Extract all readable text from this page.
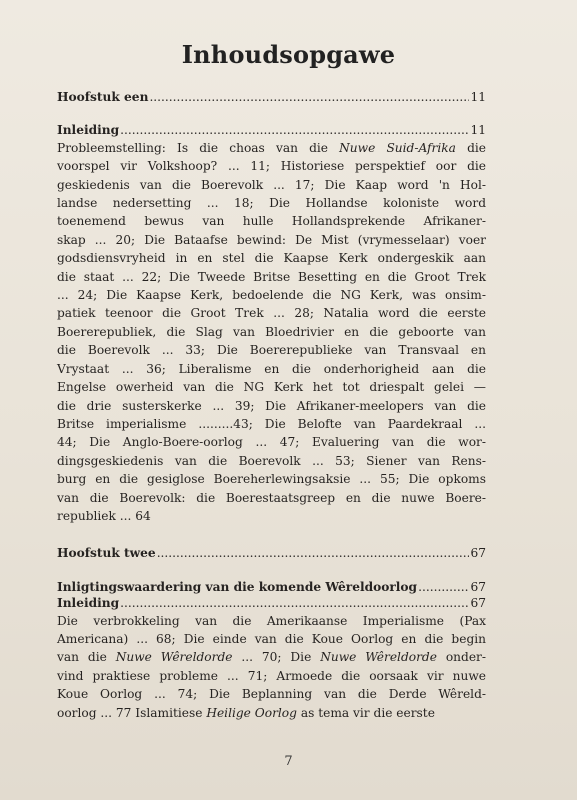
Inhoudsopgawe
Hoofstuk een .....	11
Inleiding .....	11
Probleemstelling: Is die choas van die Nuwe Suid-Afrika die
voorspel vir Volkshoop? ... 11; Historiese perspektief oor die
geskiedenis van die Boerevolk ... 17; Die Kaap word 'n Hol-
landse nedersetting ... 18; Die Hollandse koloniste word
toenemend bewus van hulle Hollandsprekende Afrikaner-
skap ... 20; Die Bataafse bewind: De Mist (vrymesselaar) voer
godsdiensvryheid in en stel die Kaapse Kerk ondergeskik aan
die staat ... 22; Die Tweede Britse Besetting en die Groot Trek
... 24; Die Kaapse Kerk, bedoelende die NG Kerk, was onsim-
patiek teenoor die Groot Trek ... 28; Natalia word die eerste
Boererepubliek, die Slag van Bloedrivier en die geboorte van
die Boerevolk ... 33; Die Boererepublieke van Transvaal en
Vrystaat ... 36; Liberalisme en die onderhorigheid aan die
Engelse owerheid van die NG Kerk het tot driespalt gelei —
die drie susterskerke ... 39; Die Afrikaner-meelopers van die
Britse imperialisme .........43; Die Belofte van Paardekraal ...
44; Die Anglo-Boere-oorlog ... 47; Evaluering van die wor-
dingsgeskiedenis van die Boerevolk ... 53; Siener van Rens-
burg en die gesiglose Boereherlewingsaksie ... 55; Die opkoms
van die Boerevolk: die Boerestaatsgreep en die nuwe Boere-
republiek ... 64
Hoofstuk twee .....	67
Inligtingswaardering van die komende Wêreldoorlog .....	67
Inleiding .....	67
Die verbrokkeling van die Amerikaanse Imperialisme (Pax
Americana) ... 68; Die einde van die Koue Oorlog en die begin
van die Nuwe Wêreldorde ... 70; Die Nuwe Wêreldorde onder-
vind praktiese probleme ... 71; Armoede die oorsaak vir nuwe
Koue Oorlog ... 74; Die Beplanning van die Derde Wêreld-
oorlog ... 77 Islamitiese Heilige Oorlog as tema vir die eerste
7
